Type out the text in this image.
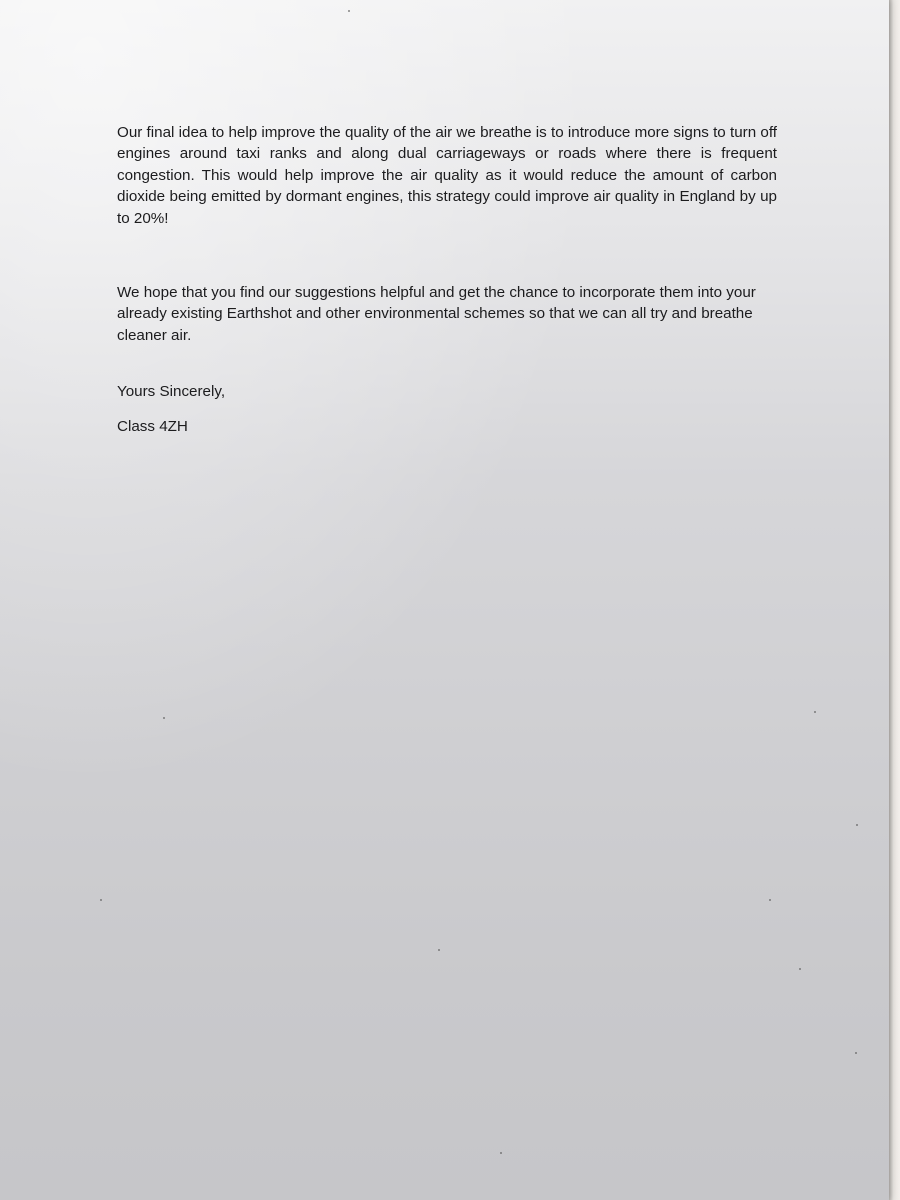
Our final idea to help improve the quality of the air we breathe is to introduce more signs to turn off engines around taxi ranks and along dual carriageways or roads where there is frequent congestion. This would help improve the air quality as it would reduce the amount of carbon dioxide being emitted by dormant engines, this strategy could improve air quality in England by up to 20%!

We hope that you find our suggestions helpful and get the chance to incorporate them into your already existing Earthshot and other environmental schemes so that we can all try and breathe cleaner air.

Yours Sincerely,

Class 4ZH
